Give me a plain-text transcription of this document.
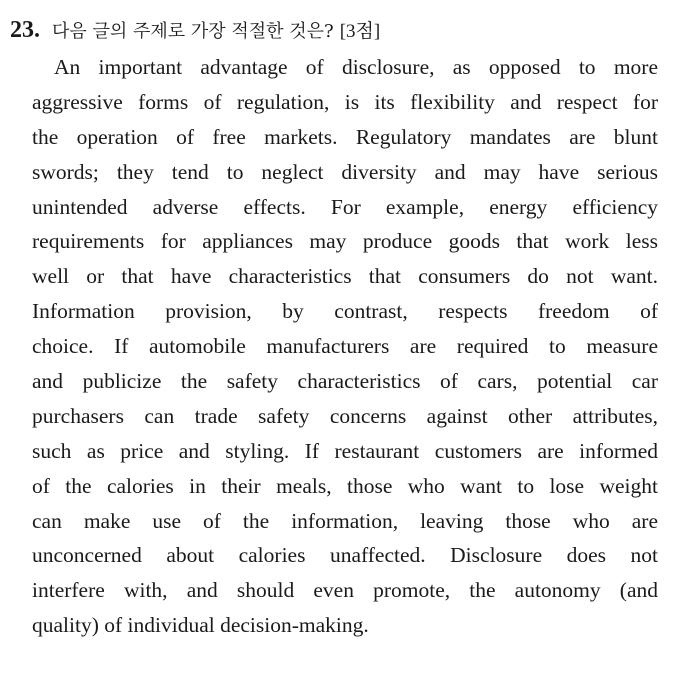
23. 다음 글의 주제로 가장 적절한 것은? [3점]
An important advantage of disclosure, as opposed to more
aggressive forms of regulation, is its flexibility and respect for
the operation of free markets. Regulatory mandates are blunt
swords; they tend to neglect diversity and may have serious
unintended adverse effects. For example, energy efficiency
requirements for appliances may produce goods that work less
well or that have characteristics that consumers do not want.
Information provision, by contrast, respects freedom of
choice. If automobile manufacturers are required to measure
and publicize the safety characteristics of cars, potential car
purchasers can trade safety concerns against other attributes,
such as price and styling. If restaurant customers are informed
of the calories in their meals, those who want to lose weight
can make use of the information, leaving those who are
unconcerned about calories unaffected. Disclosure does not
interfere with, and should even promote, the autonomy (and
quality) of individual decision-making.
